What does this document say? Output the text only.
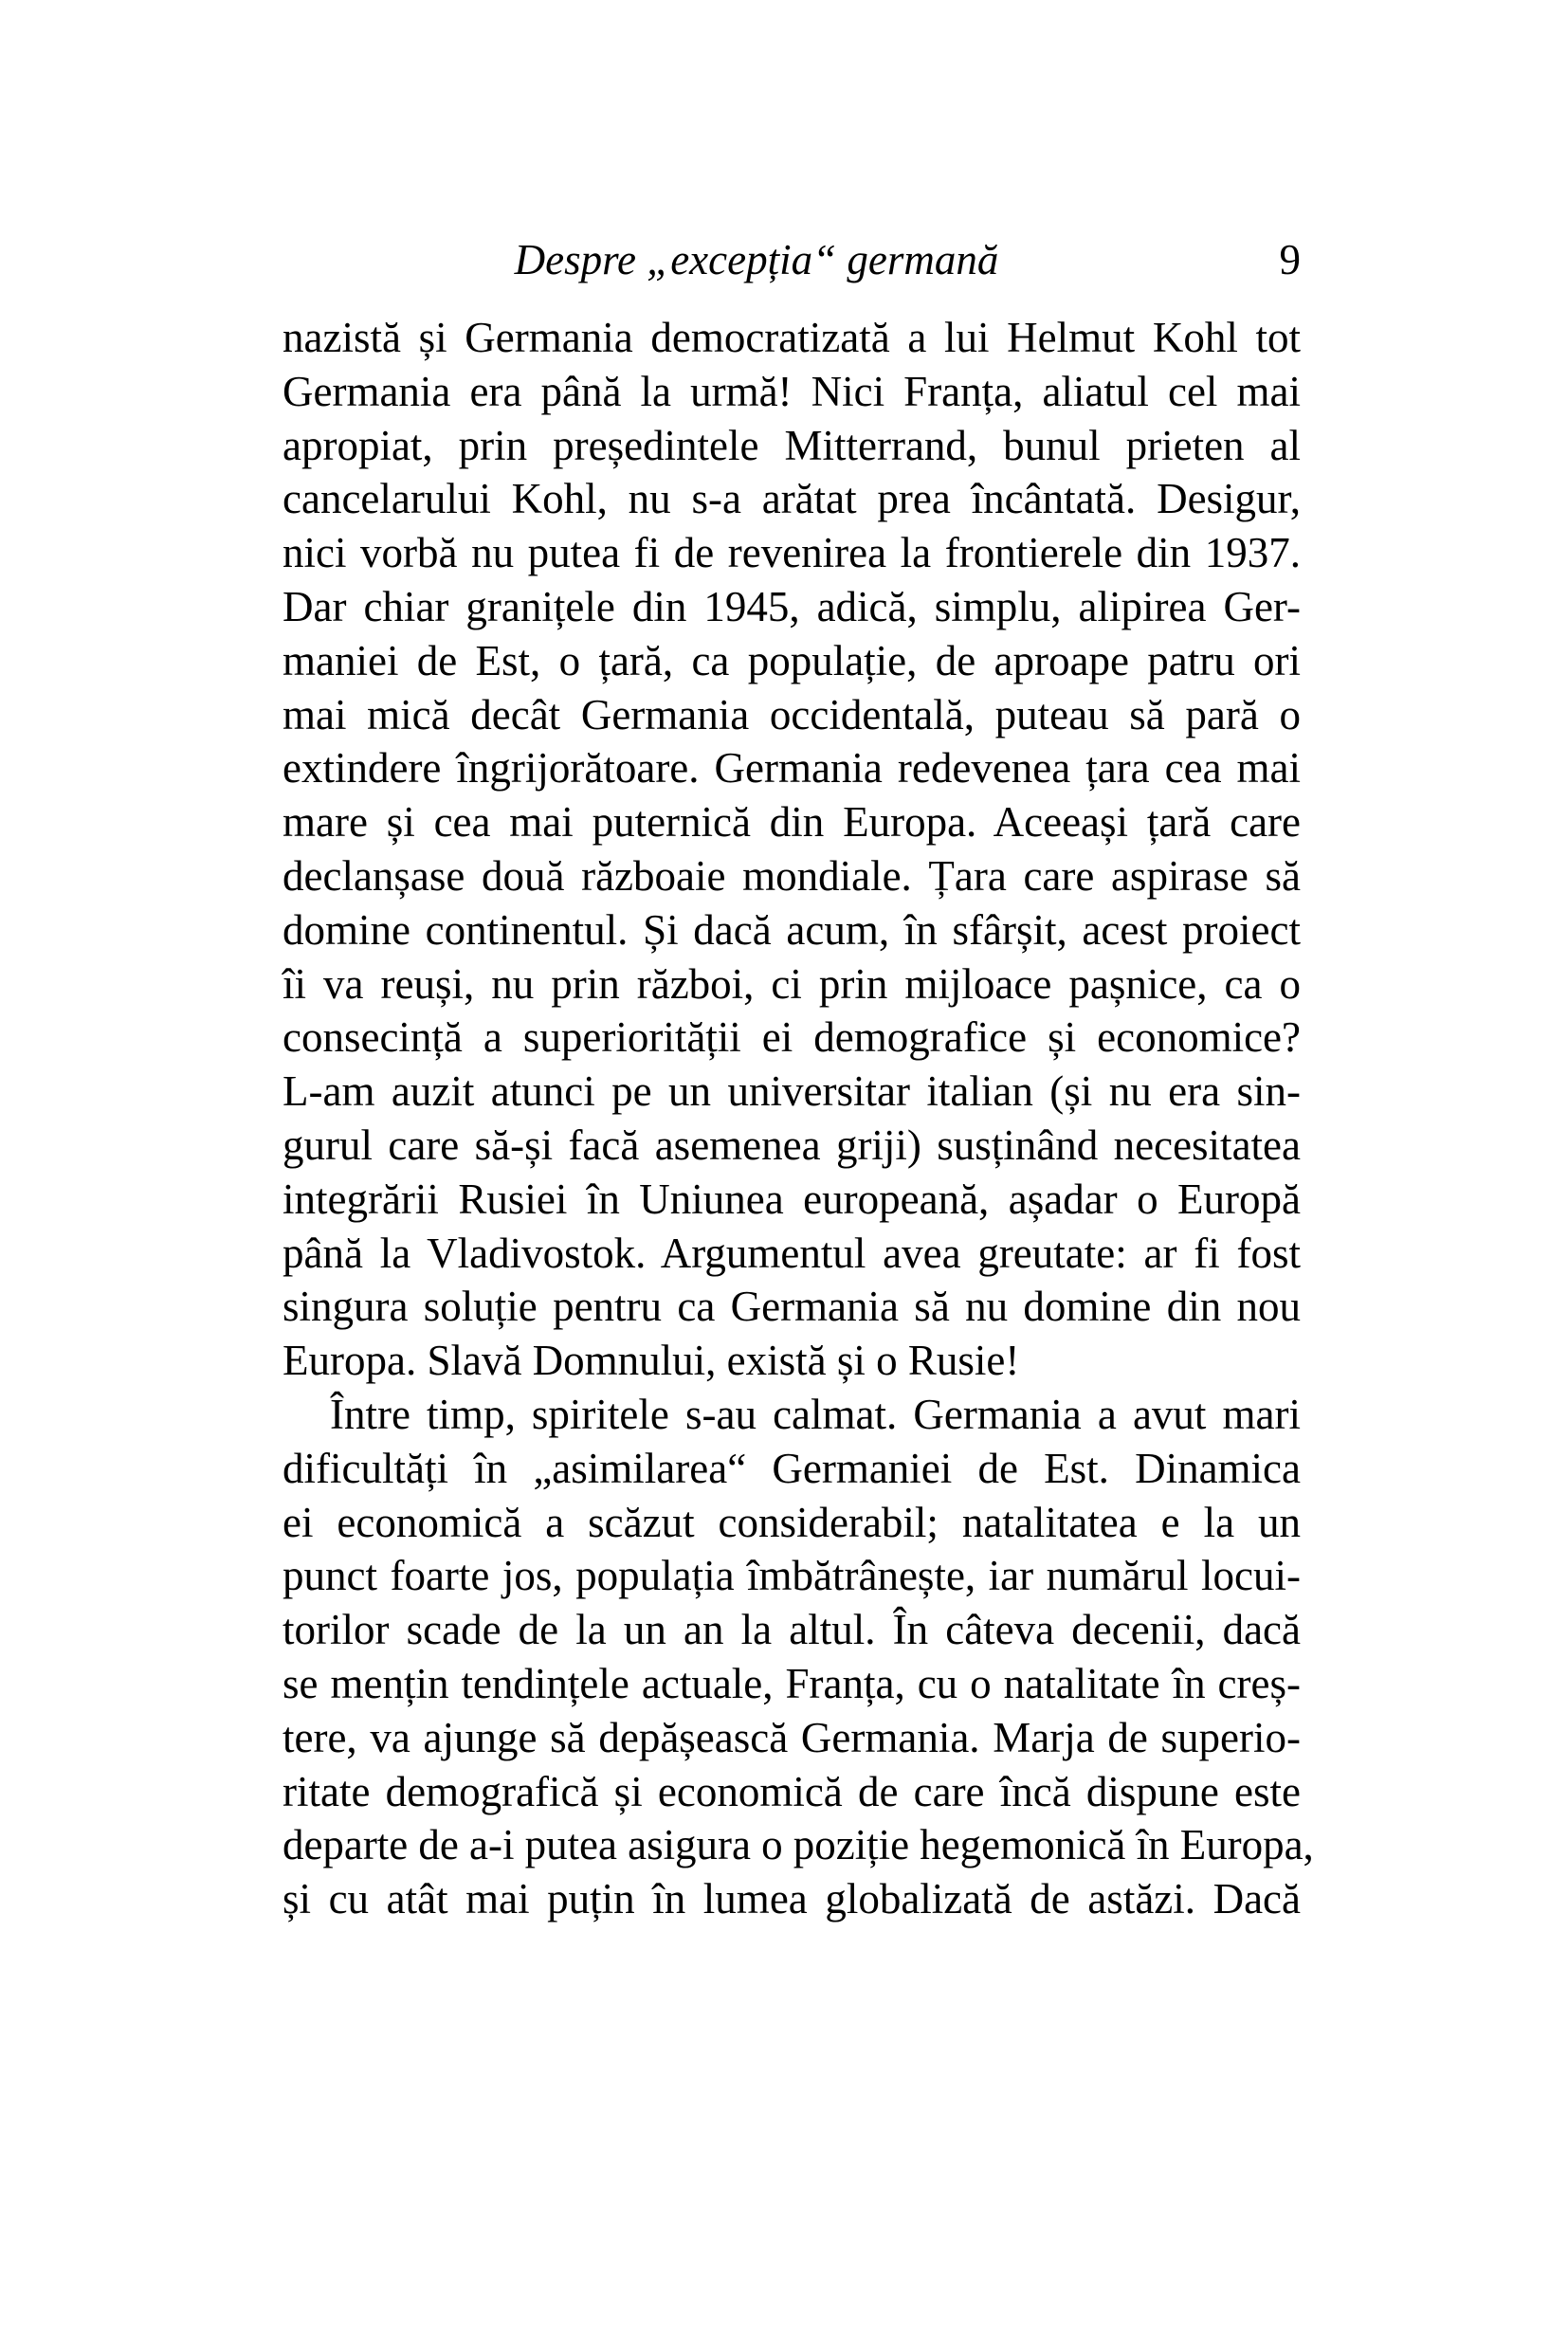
Despre „excepția“ germană	9

nazistă și Germania democratizată a lui Helmut Kohl tot
Germania era până la urmă! Nici Franța, aliatul cel mai
apropiat, prin președintele Mitterrand, bunul prieten al
cancelarului Kohl, nu s-a arătat prea încântată. Desigur,
nici vorbă nu putea fi de revenirea la frontierele din 1937.
Dar chiar granițele din 1945, adică, simplu, alipirea Ger-
maniei de Est, o țară, ca populație, de aproape patru ori
mai mică decât Germania occidentală, puteau să pară o
extindere îngrijorătoare. Germania redevenea țara cea mai
mare și cea mai puternică din Europa. Aceeași țară care
declanșase două războaie mondiale. Țara care aspirase să
domine continentul. Și dacă acum, în sfârșit, acest proiect
îi va reuși, nu prin război, ci prin mijloace pașnice, ca o
consecință a superiorității ei demografice și economice?
L-am auzit atunci pe un universitar italian (și nu era sin-
gurul care să-și facă asemenea griji) susținând necesitatea
integrării Rusiei în Uniunea europeană, așadar o Europă
până la Vladivostok. Argumentul avea greutate: ar fi fost
singura soluție pentru ca Germania să nu domine din nou
Europa. Slavă Domnului, există și o Rusie!

Între timp, spiritele s-au calmat. Germania a avut mari
dificultăți în „asimilarea“ Germaniei de Est. Dinamica
ei economică a scăzut considerabil; natalitatea e la un
punct foarte jos, populația îmbătrânește, iar numărul locui-
torilor scade de la un an la altul. În câteva decenii, dacă
se mențin tendințele actuale, Franța, cu o natalitate în creș-
tere, va ajunge să depășească Germania. Marja de superio-
ritate demografică și economică de care încă dispune este
departe de a-i putea asigura o poziție hegemonică în Europa,
și cu atât mai puțin în lumea globalizată de astăzi. Dacă
